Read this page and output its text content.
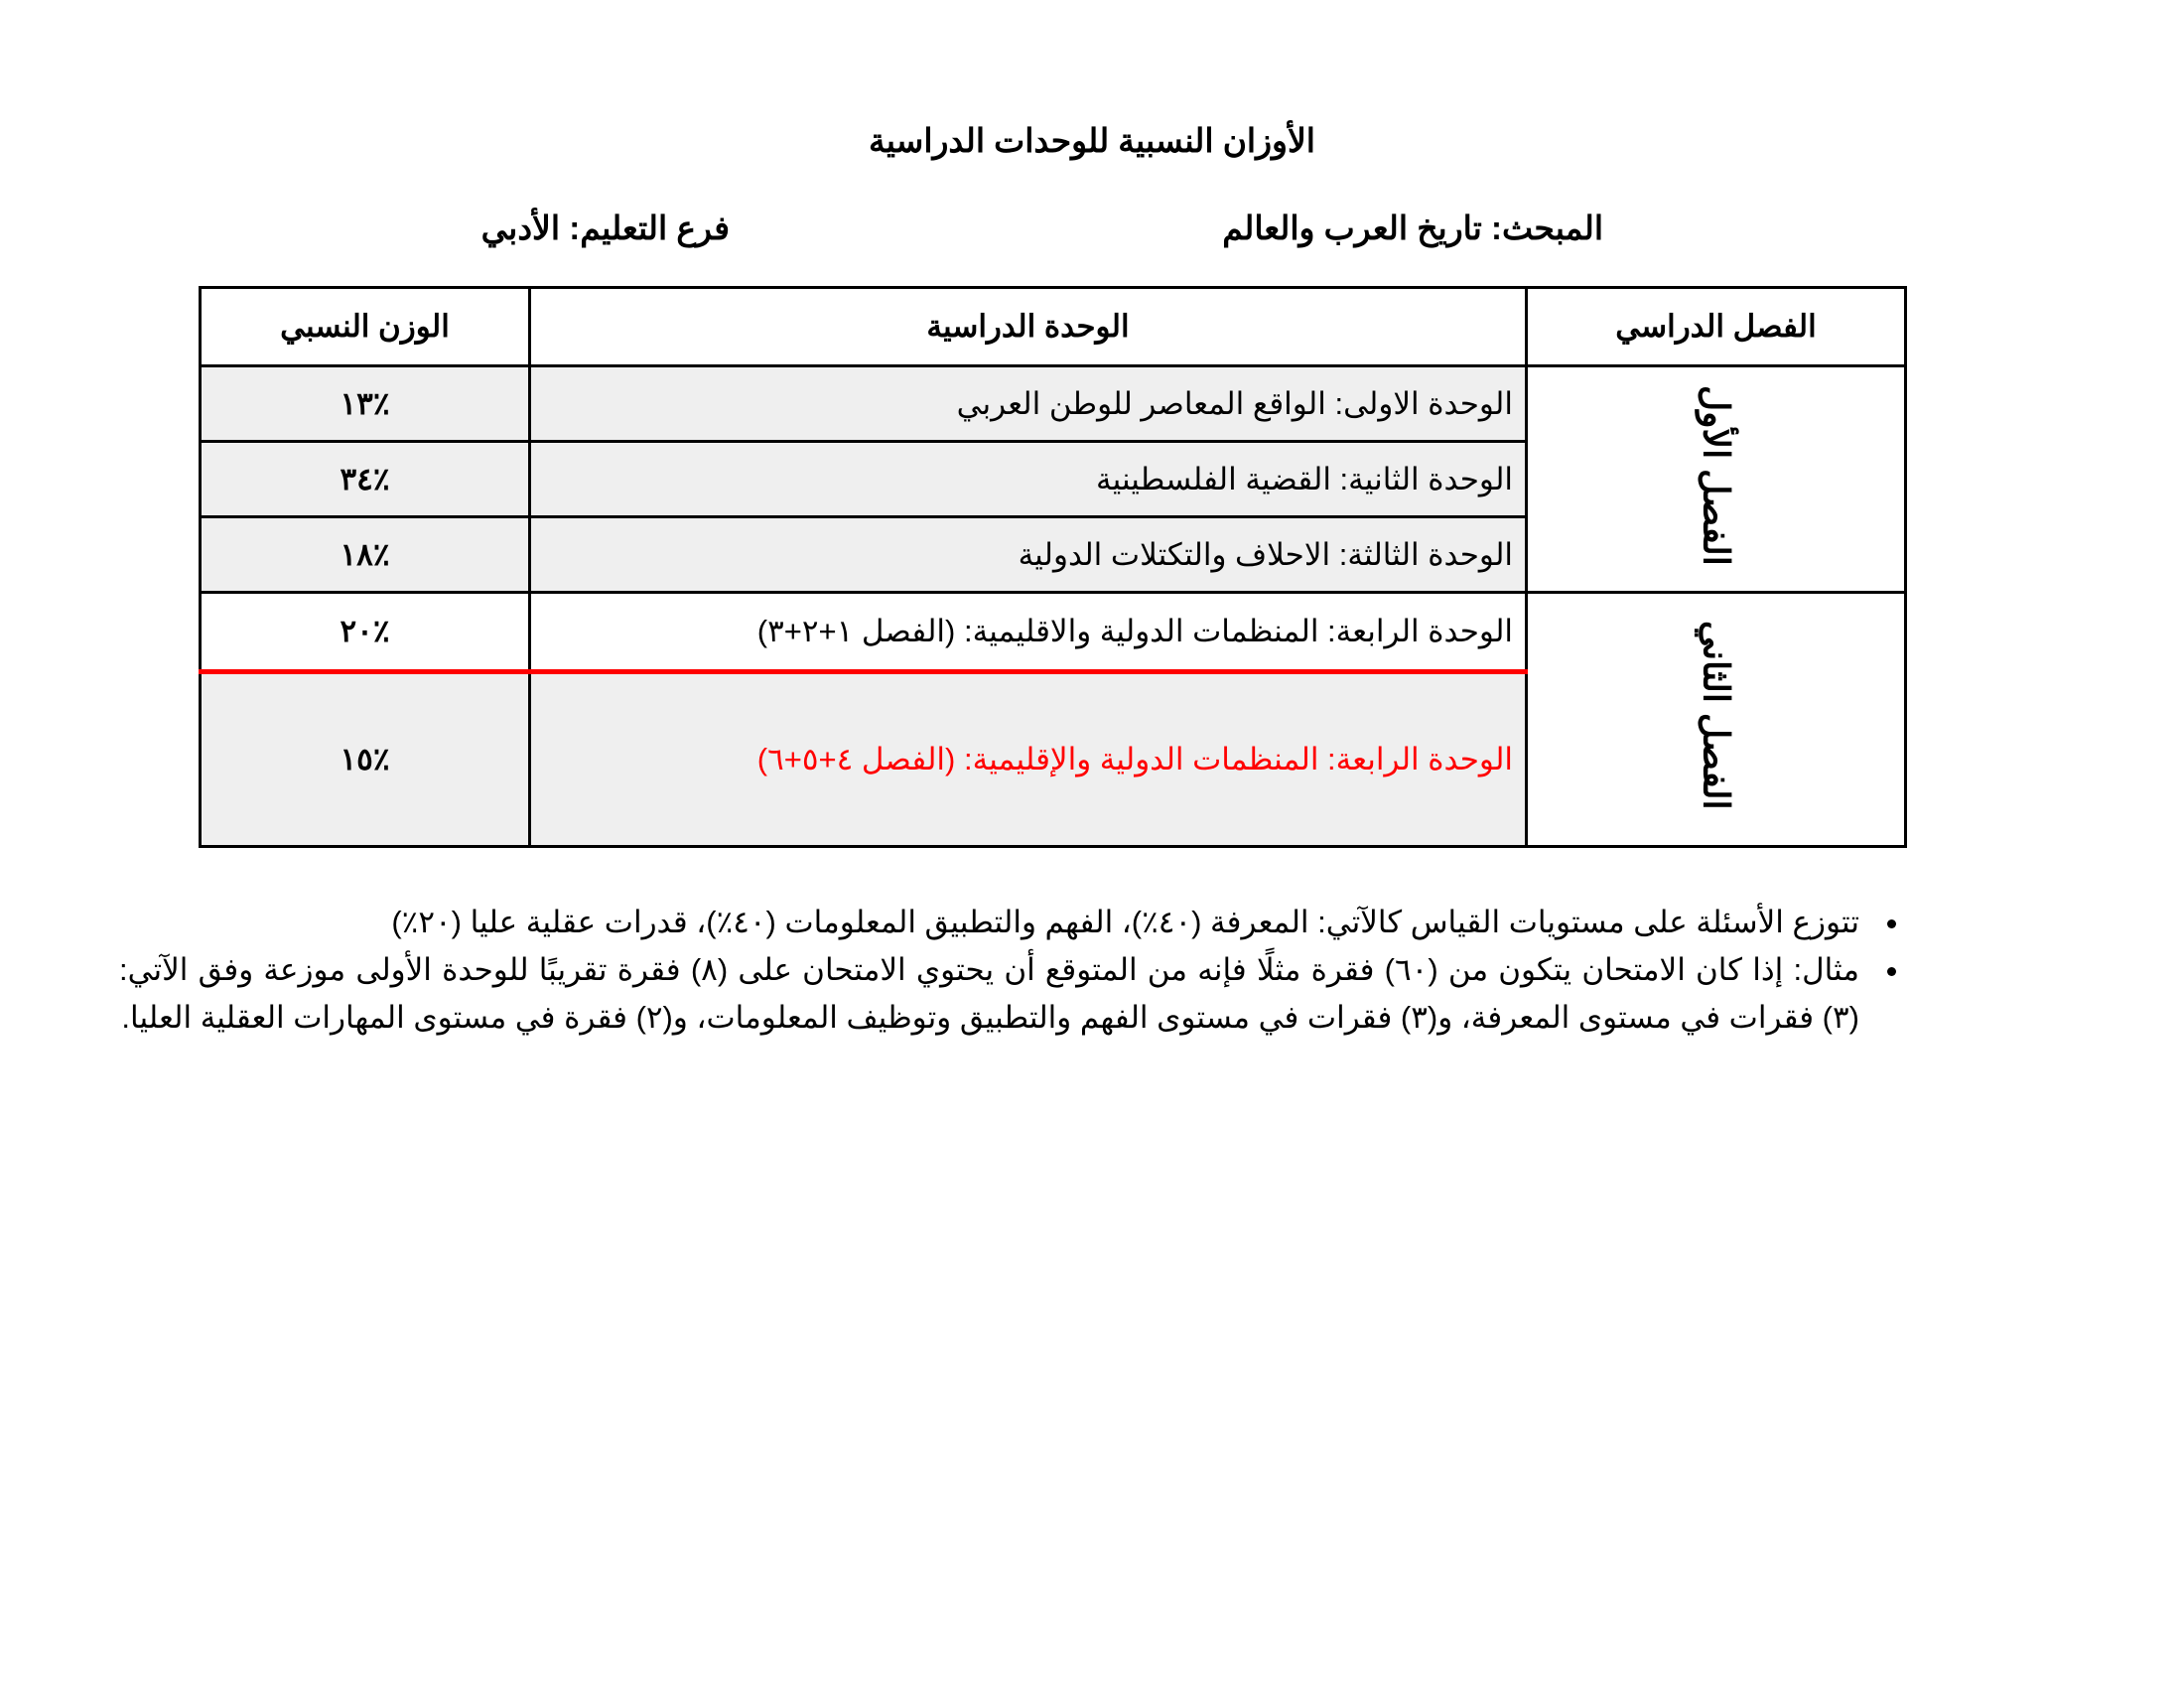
الأوزان النسبية للوحدات الدراسية
المبحث: تاريخ العرب والعالم
فرع التعليم: الأدبي
الفصل الدراسي	الوحدة الدراسية	الوزن النسبي
الفصل الأول	الوحدة الاولى: الواقع المعاصر للوطن العربي	٪١٣
	الوحدة الثانية: القضية الفلسطينية	٪٣٤
	الوحدة الثالثة: الاحلاف والتكتلات الدولية	٪١٨
الفصل الثاني	الوحدة الرابعة: المنظمات الدولية والاقليمية: (الفصل ١+٢+٣)	٪٢٠
	الوحدة الرابعة: المنظمات الدولية والإقليمية: (الفصل ٤+٥+٦)	٪١٥
• تتوزع الأسئلة على مستويات القياس كالآتي: المعرفة (٤٠٪)، الفهم والتطبيق المعلومات (٤٠٪)، قدرات عقلية عليا (٢٠٪)
• مثال: إذا كان الامتحان يتكون من (٦٠) فقرة مثلًا فإنه من المتوقع أن يحتوي الامتحان على (٨) فقرة تقريبًا للوحدة الأولى موزعة وفق الآتي: (٣) فقرات في مستوى المعرفة، و(٣) فقرات في مستوى الفهم والتطبيق وتوظيف المعلومات، و(٢) فقرة في مستوى المهارات العقلية العليا.
